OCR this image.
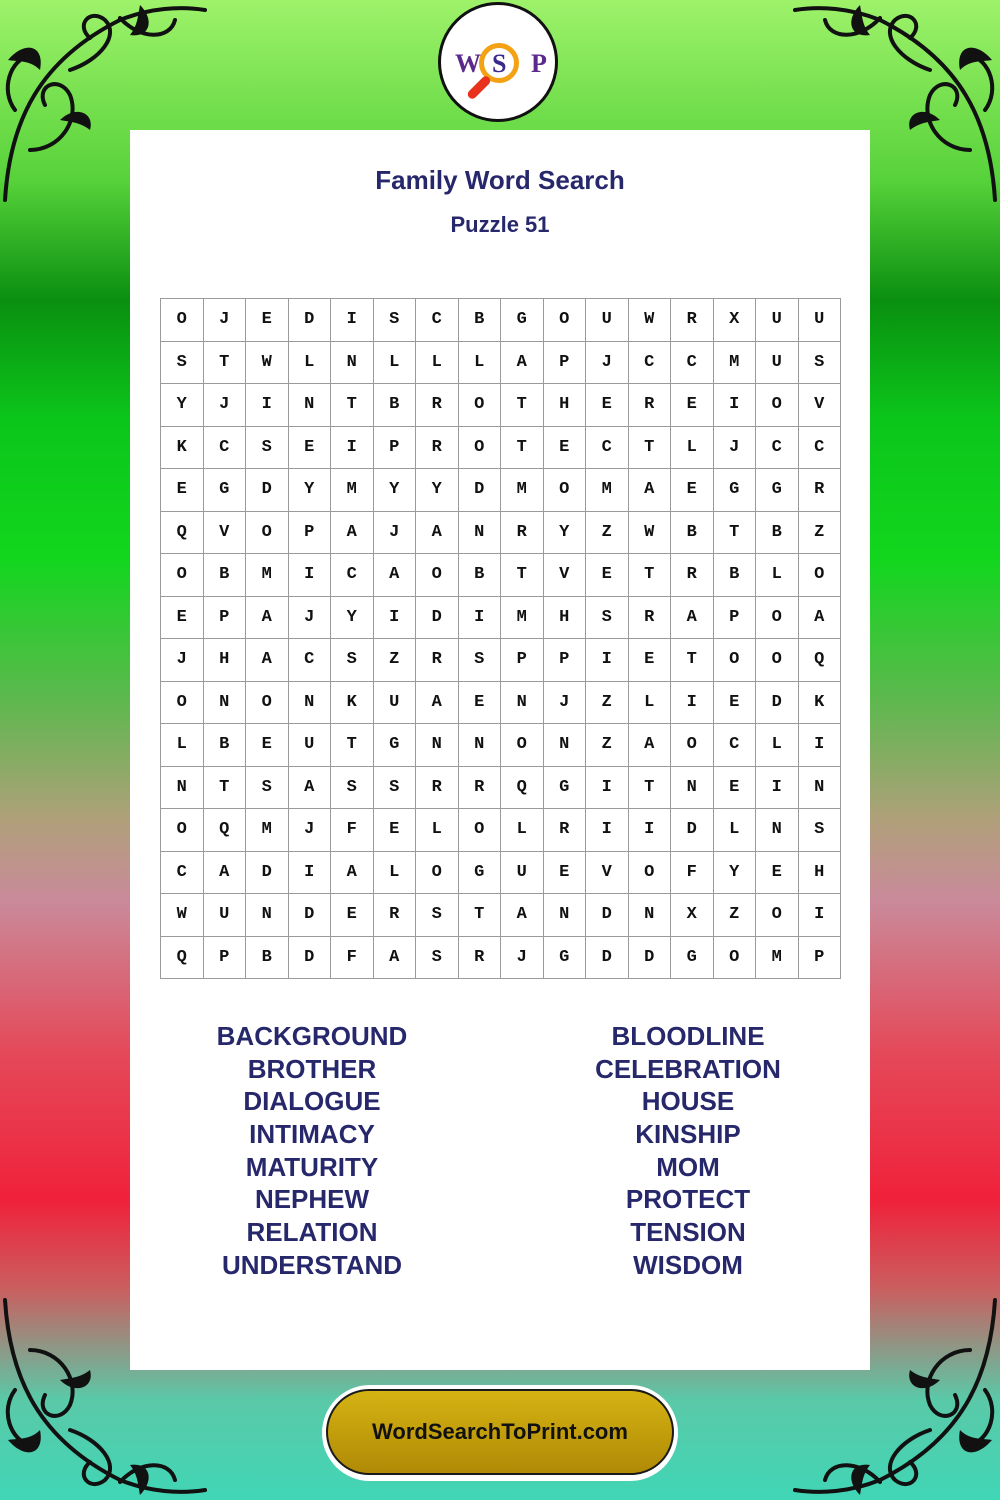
W S P
Family Word Search
Puzzle 51
O	J	E	D	I	S	C	B	G	O	U	W	R	X	U	U
S	T	W	L	N	L	L	L	A	P	J	C	C	M	U	S
Y	J	I	N	T	B	R	O	T	H	E	R	E	I	O	V
K	C	S	E	I	P	R	O	T	E	C	T	L	J	C	C
E	G	D	Y	M	Y	Y	D	M	O	M	A	E	G	G	R
Q	V	O	P	A	J	A	N	R	Y	Z	W	B	T	B	Z
O	B	M	I	C	A	O	B	T	V	E	T	R	B	L	O
E	P	A	J	Y	I	D	I	M	H	S	R	A	P	O	A
J	H	A	C	S	Z	R	S	P	P	I	E	T	O	O	Q
O	N	O	N	K	U	A	E	N	J	Z	L	I	E	D	K
L	B	E	U	T	G	N	N	O	N	Z	A	O	C	L	I
N	T	S	A	S	S	R	R	Q	G	I	T	N	E	I	N
O	Q	M	J	F	E	L	O	L	R	I	I	D	L	N	S
C	A	D	I	A	L	O	G	U	E	V	O	F	Y	E	H
W	U	N	D	E	R	S	T	A	N	D	N	X	Z	O	I
Q	P	B	D	F	A	S	R	J	G	D	D	G	O	M	P
BACKGROUND
BROTHER
DIALOGUE
INTIMACY
MATURITY
NEPHEW
RELATION
UNDERSTAND
BLOODLINE
CELEBRATION
HOUSE
KINSHIP
MOM
PROTECT
TENSION
WISDOM
WordSearchToPrint.com
